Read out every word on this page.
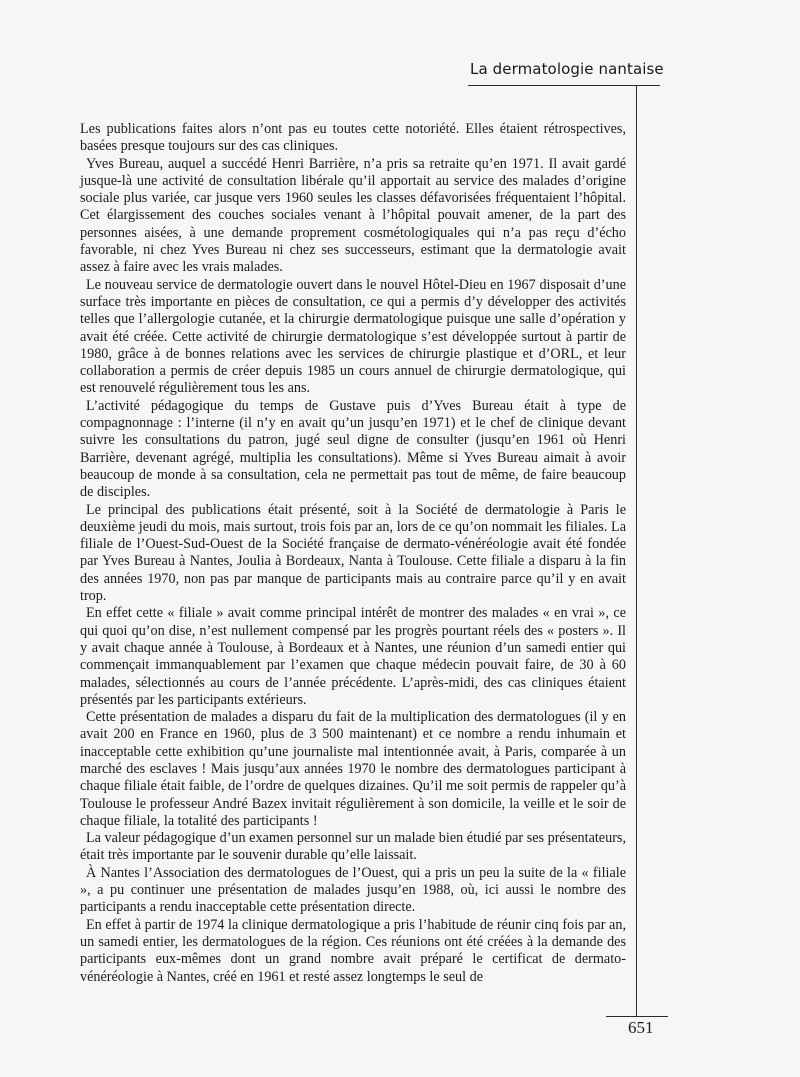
La dermatologie nantaise

Les publications faites alors n’ont pas eu toutes cette notoriété. Elles étaient rétrospectives, basées presque toujours sur des cas cliniques.

Yves Bureau, auquel a succédé Henri Barrière, n’a pris sa retraite qu’en 1971. Il avait gardé jusque-là une activité de consultation libérale qu’il apportait au service des malades d’origine sociale plus variée, car jusque vers 1960 seules les classes défavorisées fréquentaient l’hôpital. Cet élargissement des couches sociales venant à l’hôpital pouvait amener, de la part des personnes aisées, à une demande proprement cosmétologiquales qui n’a pas reçu d’écho favorable, ni chez Yves Bureau ni chez ses successeurs, estimant que la dermatologie avait assez à faire avec les vrais malades.

Le nouveau service de dermatologie ouvert dans le nouvel Hôtel-Dieu en 1967 disposait d’une surface très importante en pièces de consultation, ce qui a permis d’y développer des activités telles que l’allergologie cutanée, et la chirurgie dermatologique puisque une salle d’opération y avait été créée. Cette activité de chirurgie dermatologique s’est développée surtout à partir de 1980, grâce à de bonnes relations avec les services de chirurgie plastique et d’ORL, et leur collaboration a permis de créer depuis 1985 un cours annuel de chirurgie dermatologique, qui est renouvelé régulièrement tous les ans.

L’activité pédagogique du temps de Gustave puis d’Yves Bureau était à type de compagnonnage : l’interne (il n’y en avait qu’un jusqu’en 1971) et le chef de clinique devant suivre les consultations du patron, jugé seul digne de consulter (jusqu’en 1961 où Henri Barrière, devenant agrégé, multiplia les consultations). Même si Yves Bureau aimait à avoir beaucoup de monde à sa consultation, cela ne permettait pas tout de même, de faire beaucoup de disciples.

Le principal des publications était présenté, soit à la Société de dermatologie à Paris le deuxième jeudi du mois, mais surtout, trois fois par an, lors de ce qu’on nommait les filiales. La filiale de l’Ouest-Sud-Ouest de la Société française de dermato-vénéréologie avait été fondée par Yves Bureau à Nantes, Joulia à Bordeaux, Nanta à Toulouse. Cette filiale a disparu à la fin des années 1970, non pas par manque de participants mais au contraire parce qu’il y en avait trop.

En effet cette « filiale » avait comme principal intérêt de montrer des malades « en vrai », ce qui quoi qu’on dise, n’est nullement compensé par les progrès pourtant réels des « posters ». Il y avait chaque année à Toulouse, à Bordeaux et à Nantes, une réunion d’un samedi entier qui commençait immanquablement par l’examen que chaque médecin pouvait faire, de 30 à 60 malades, sélectionnés au cours de l’année précédente. L’après-midi, des cas cliniques étaient présentés par les participants extérieurs.

Cette présentation de malades a disparu du fait de la multiplication des dermatologues (il y en avait 200 en France en 1960, plus de 3 500 maintenant) et ce nombre a rendu inhumain et inacceptable cette exhibition qu’une journaliste mal intentionnée avait, à Paris, comparée à un marché des esclaves ! Mais jusqu’aux années 1970 le nombre des dermatologues participant à chaque filiale était faible, de l’ordre de quelques dizaines. Qu’il me soit permis de rappeler qu’à Toulouse le professeur André Bazex invitait régulièrement à son domicile, la veille et le soir de chaque filiale, la totalité des participants !

La valeur pédagogique d’un examen personnel sur un malade bien étudié par ses présentateurs, était très importante par le souvenir durable qu’elle laissait.

À Nantes l’Association des dermatologues de l’Ouest, qui a pris un peu la suite de la « filiale », a pu continuer une présentation de malades jusqu’en 1988, où, ici aussi le nombre des participants a rendu inacceptable cette présentation directe.

En effet à partir de 1974 la clinique dermatologique a pris l’habitude de réunir cinq fois par an, un samedi entier, les dermatologues de la région. Ces réunions ont été créées à la demande des participants eux-mêmes dont un grand nombre avait préparé le certificat de dermato-vénéréologie à Nantes, créé en 1961 et resté assez longtemps le seul de

651
